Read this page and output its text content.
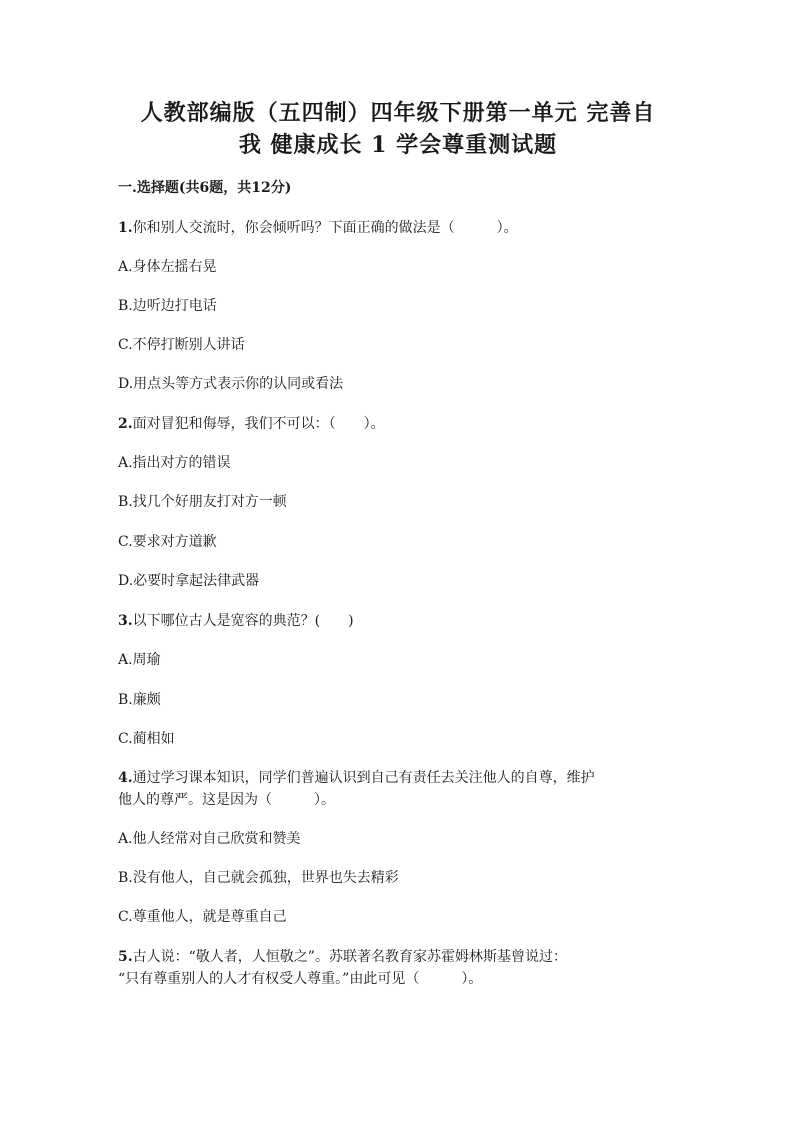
人教部编版（五四制）四年级下册第一单元 完善自
我 健康成长 1 学会尊重测试题

一.选择题(共6题，共12分)

1.你和别人交流时，你会倾听吗？下面正确的做法是（　　　）。

A.身体左摇右晃

B.边听边打电话

C.不停打断别人讲话

D.用点头等方式表示你的认同或看法

2.面对冒犯和侮辱，我们不可以：（　　）。

A.指出对方的错误

B.找几个好朋友打对方一顿

C.要求对方道歉

D.必要时拿起法律武器

3.以下哪位古人是宽容的典范？(　　)

A.周瑜

B.廉颇

C.蔺相如

4.通过学习课本知识，同学们普遍认识到自己有责任去关注他人的自尊，维护

他人的尊严。这是因为（　　　）。

A.他人经常对自己欣赏和赞美

B.没有他人，自己就会孤独，世界也失去精彩

C.尊重他人，就是尊重自己

5.古人说：“敬人者，人恒敬之”。苏联著名教育家苏霍姆林斯基曾说过：

“只有尊重别人的人才有权受人尊重。”由此可见（　　　）。
